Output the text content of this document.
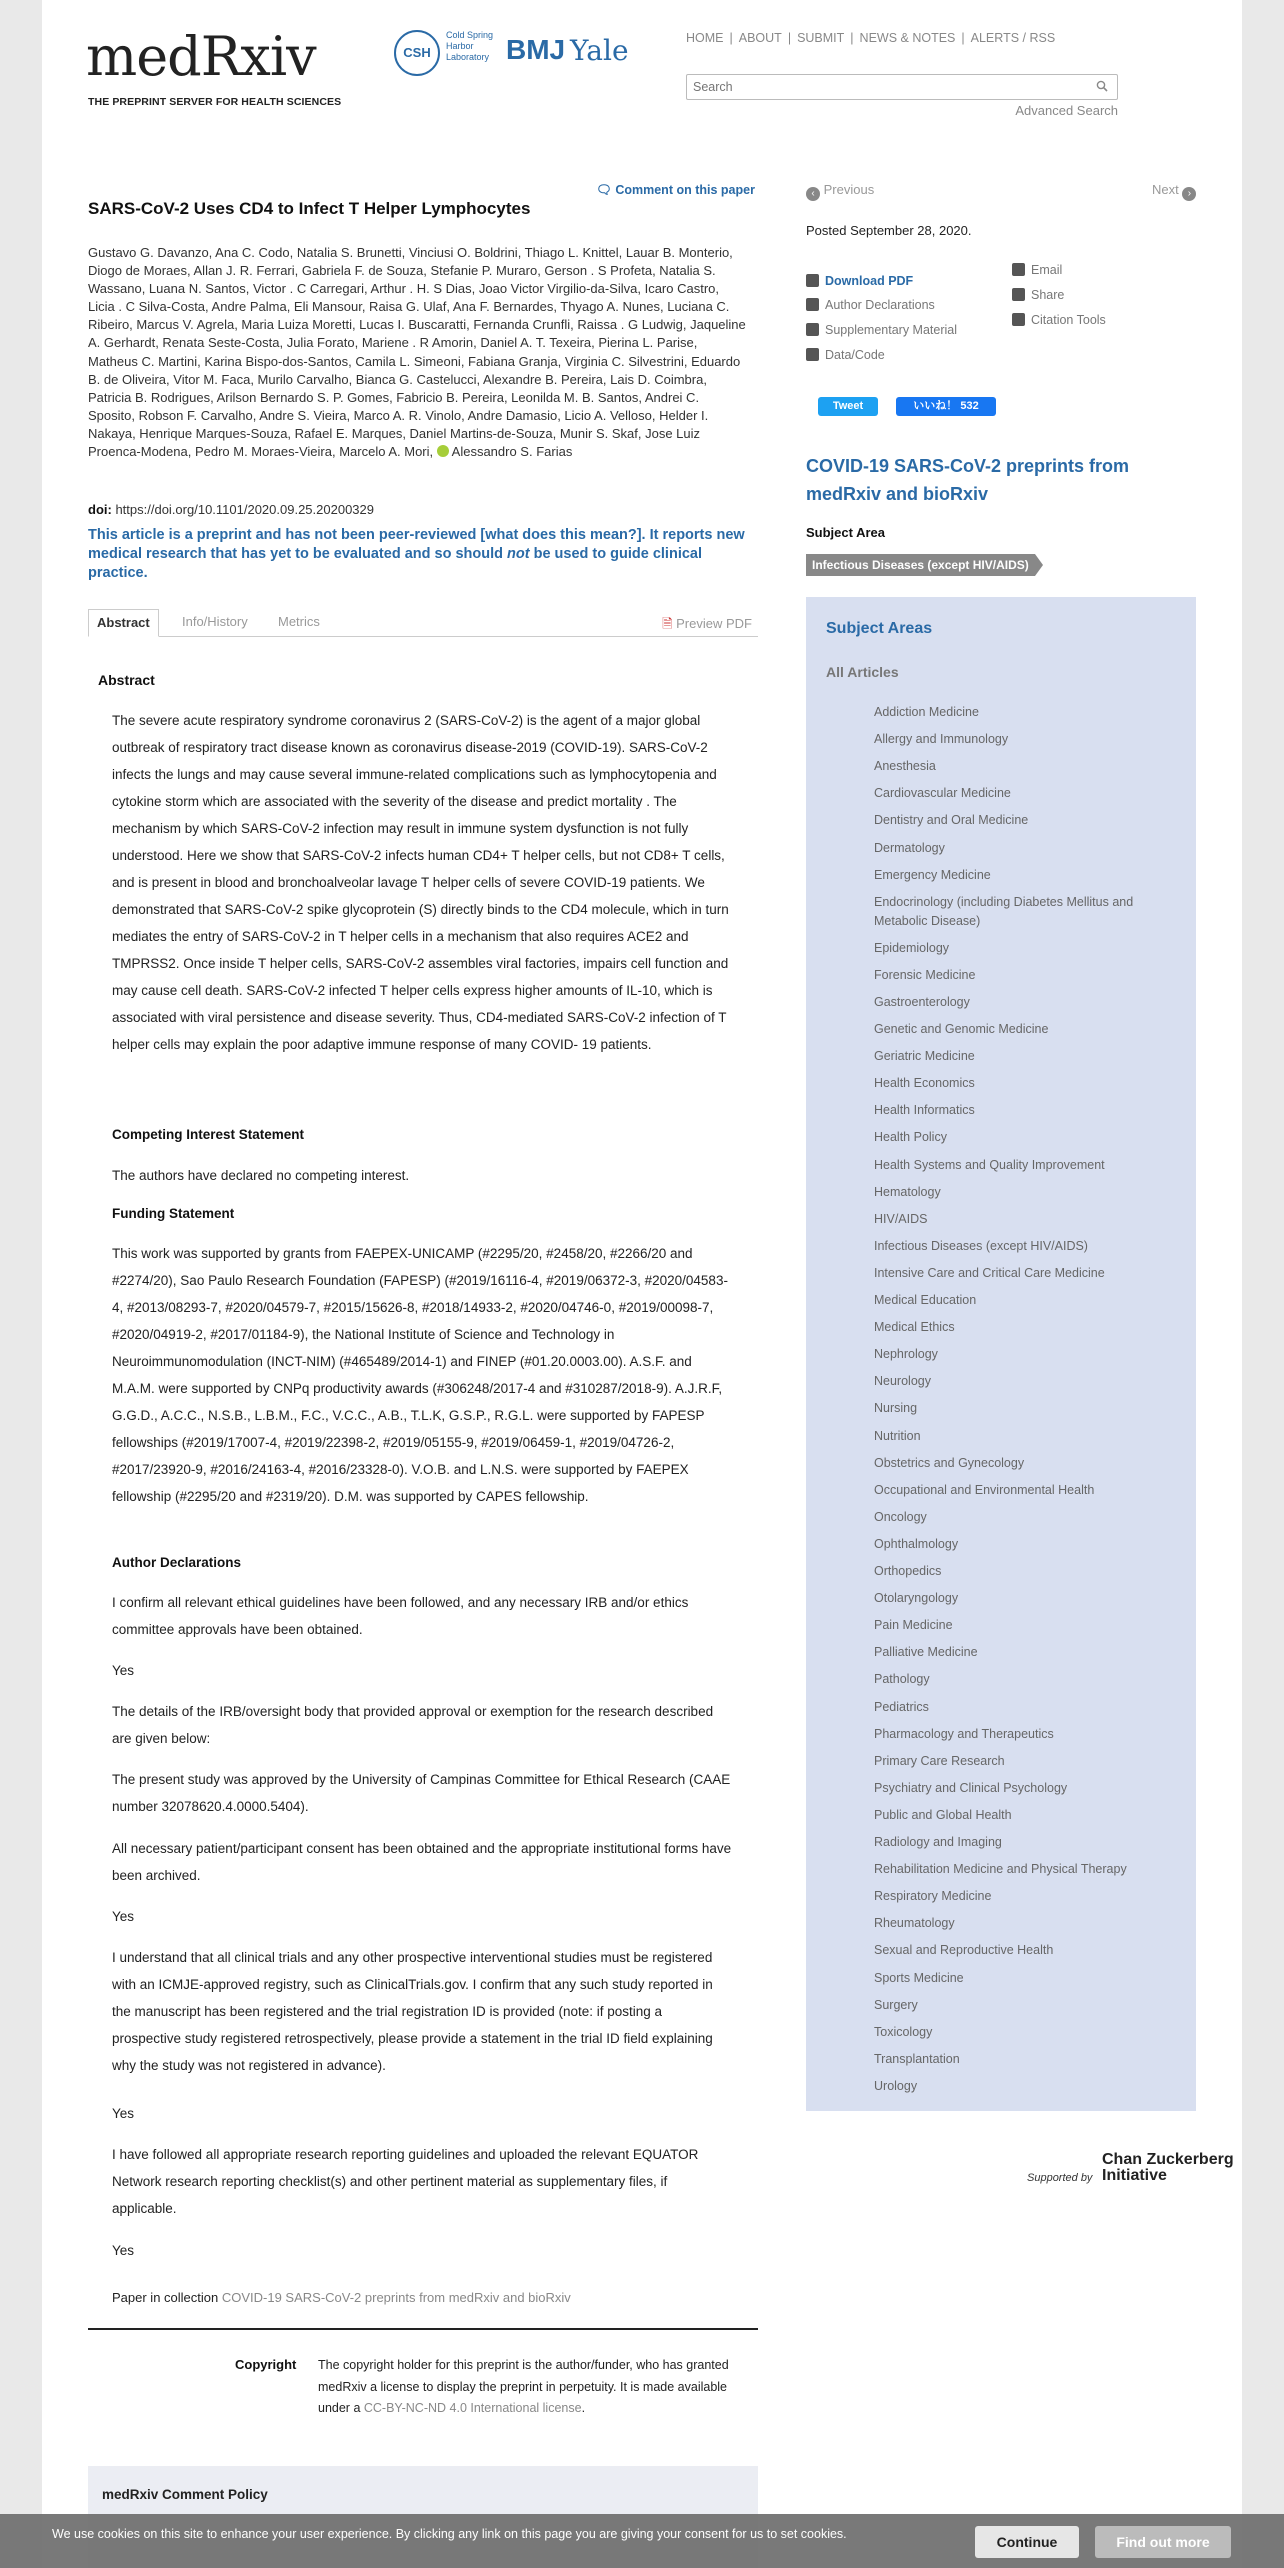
medRxiv
THE PREPRINT SERVER FOR HEALTH SCIENCES
CSH
Cold Spring Harbor Laboratory BMJ Yale	HOME | ABOUT | SUBMIT | NEWS & NOTES | ALERTS / RSS
Search
Advanced Search
🗨 Comment on this paper
SARS-CoV-2 Uses CD4 to Infect T Helper Lymphocytes
Gustavo G. Davanzo, Ana C. Codo, Natalia S. Brunetti, Vinciusi O. Boldrini, Thiago L. Knittel, Lauar B. Monterio, Diogo de Moraes, Allan J. R. Ferrari, Gabriela F. de Souza, Stefanie P. Muraro, Gerson . S Profeta, Natalia S. Wassano, Luana N. Santos, Victor . C Carregari, Arthur . H. S Dias, Joao Victor Virgilio-da-Silva, Icaro Castro, Licia . C Silva-Costa, Andre Palma, Eli Mansour, Raisa G. Ulaf, Ana F. Bernardes, Thyago A. Nunes, Luciana C. Ribeiro, Marcus V. Agrela, Maria Luiza Moretti, Lucas I. Buscaratti, Fernanda Crunfli, Raissa . G Ludwig, Jaqueline A. Gerhardt, Renata Seste-Costa, Julia Forato, Mariene . R Amorin, Daniel A. T. Texeira, Pierina L. Parise, Matheus C. Martini, Karina Bispo-dos-Santos, Camila L. Simeoni, Fabiana Granja, Virginia C. Silvestrini, Eduardo B. de Oliveira, Vitor M. Faca, Murilo Carvalho, Bianca G. Castelucci, Alexandre B. Pereira, Lais D. Coimbra, Patricia B. Rodrigues, Arilson Bernardo S. P. Gomes, Fabricio B. Pereira, Leonilda M. B. Santos, Andrei C. Sposito, Robson F. Carvalho, Andre S. Vieira, Marco A. R. Vinolo, Andre Damasio, Licio A. Velloso, Helder I. Nakaya, Henrique Marques-Souza, Rafael E. Marques, Daniel Martins-de-Souza, Munir S. Skaf, Jose Luiz Proenca-Modena, Pedro M. Moraes-Vieira, Marcelo A. Mori, Alessandro S. Farias
doi: https://doi.org/10.1101/2020.09.25.20200329
This article is a preprint and has not been peer-reviewed [what does this mean?]. It reports new medical research that has yet to be evaluated and so should not be used to guide clinical practice.
Abstract	Info/History	Metrics	🗎 Preview PDF
Abstract
The severe acute respiratory syndrome coronavirus 2 (SARS-CoV-2) is the agent of a major global outbreak of respiratory tract disease known as coronavirus disease-2019 (COVID-19). SARS-CoV-2 infects the lungs and may cause several immune-related complications such as lymphocytopenia and cytokine storm which are associated with the severity of the disease and predict mortality . The mechanism by which SARS-CoV-2 infection may result in immune system dysfunction is not fully understood. Here we show that SARS-CoV-2 infects human CD4+ T helper cells, but not CD8+ T cells, and is present in blood and bronchoalveolar lavage T helper cells of severe COVID-19 patients. We demonstrated that SARS-CoV-2 spike glycoprotein (S) directly binds to the CD4 molecule, which in turn mediates the entry of SARS-CoV-2 in T helper cells in a mechanism that also requires ACE2 and TMPRSS2. Once inside T helper cells, SARS-CoV-2 assembles viral factories, impairs cell function and may cause cell death. SARS-CoV-2 infected T helper cells express higher amounts of IL-10, which is associated with viral persistence and disease severity. Thus, CD4-mediated SARS-CoV-2 infection of T helper cells may explain the poor adaptive immune response of many COVID- 19 patients.
Competing Interest Statement
The authors have declared no competing interest.
Funding Statement
This work was supported by grants from FAEPEX-UNICAMP (#2295/20, #2458/20, #2266/20 and #2274/20), Sao Paulo Research Foundation (FAPESP) (#2019/16116-4, #2019/06372-3, #2020/04583-4, #2013/08293-7, #2020/04579-7, #2015/15626-8, #2018/14933-2, #2020/04746-0, #2019/00098-7, #2020/04919-2, #2017/01184-9), the National Institute of Science and Technology in Neuroimmunomodulation (INCT-NIM) (#465489/2014-1) and FINEP (#01.20.0003.00). A.S.F. and M.A.M. were supported by CNPq productivity awards (#306248/2017-4 and #310287/2018-9). A.J.R.F, G.G.D., A.C.C., N.S.B., L.B.M., F.C., V.C.C., A.B., T.L.K, G.S.P., R.G.L. were supported by FAPESP fellowships (#2019/17007-4, #2019/22398-2, #2019/05155-9, #2019/06459-1, #2019/04726-2, #2017/23920-9, #2016/24163-4, #2016/23328-0). V.O.B. and L.N.S. were supported by FAEPEX fellowship (#2295/20 and #2319/20). D.M. was supported by CAPES fellowship.
Author Declarations
I confirm all relevant ethical guidelines have been followed, and any necessary IRB and/or ethics committee approvals have been obtained.
Yes
The details of the IRB/oversight body that provided approval or exemption for the research described are given below:
The present study was approved by the University of Campinas Committee for Ethical Research (CAAE number 32078620.4.0000.5404).
All necessary patient/participant consent has been obtained and the appropriate institutional forms have been archived.
Yes
I understand that all clinical trials and any other prospective interventional studies must be registered with an ICMJE-approved registry, such as ClinicalTrials.gov. I confirm that any such study reported in the manuscript has been registered and the trial registration ID is provided (note: if posting a prospective study registered retrospectively, please provide a statement in the trial ID field explaining why the study was not registered in advance).
Yes
I have followed all appropriate research reporting guidelines and uploaded the relevant EQUATOR Network research reporting checklist(s) and other pertinent material as supplementary files, if applicable.
Yes
Paper in collection COVID-19 SARS-CoV-2 preprints from medRxiv and bioRxiv
Copyright The copyright holder for this preprint is the author/funder, who has granted medRxiv a license to display the preprint in perpetuity. It is made available under a CC-BY-NC-ND 4.0 International license.
medRxiv Comment Policy
‹ Previous	Next ›
Posted September 28, 2020.
Download PDF
Author Declarations
Supplementary Material
Data/Code
Email
Share
Citation Tools
Tweet	いいね！ 532
COVID-19 SARS-CoV-2 preprints from medRxiv and bioRxiv
Subject Area
Infectious Diseases (except HIV/AIDS)
Subject Areas
All Articles
Addiction Medicine
Allergy and Immunology
Anesthesia
Cardiovascular Medicine
Dentistry and Oral Medicine
Dermatology
Emergency Medicine
Endocrinology (including Diabetes Mellitus and Metabolic Disease)
Epidemiology
Forensic Medicine
Gastroenterology
Genetic and Genomic Medicine
Geriatric Medicine
Health Economics
Health Informatics
Health Policy
Health Systems and Quality Improvement
Hematology
HIV/AIDS
Infectious Diseases (except HIV/AIDS)
Intensive Care and Critical Care Medicine
Medical Education
Medical Ethics
Nephrology
Neurology
Nursing
Nutrition
Obstetrics and Gynecology
Occupational and Environmental Health
Oncology
Ophthalmology
Orthopedics
Otolaryngology
Pain Medicine
Palliative Medicine
Pathology
Pediatrics
Pharmacology and Therapeutics
Primary Care Research
Psychiatry and Clinical Psychology
Public and Global Health
Radiology and Imaging
Rehabilitation Medicine and Physical Therapy
Respiratory Medicine
Rheumatology
Sexual and Reproductive Health
Sports Medicine
Surgery
Toxicology
Transplantation
Urology
Supported by
Chan Zuckerberg Initiative
We use cookies on this site to enhance your user experience. By clicking any link on this page you are giving your consent for us to set cookies.	Continue	Find out more
